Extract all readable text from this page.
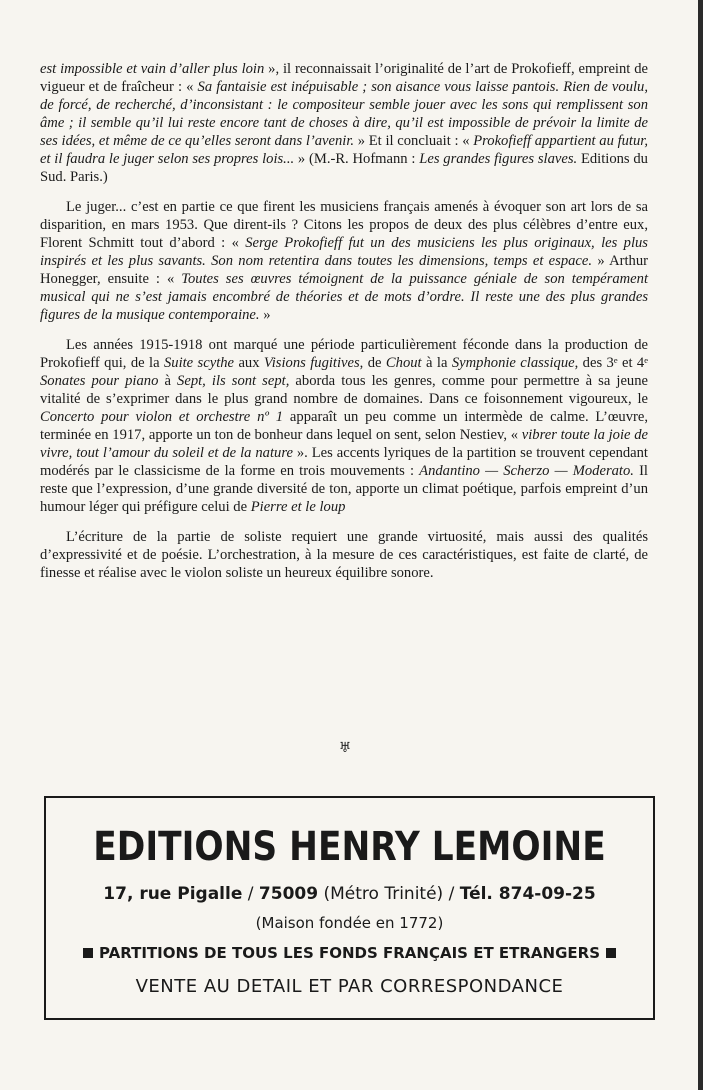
est impossible et vain d’aller plus loin », il reconnaissait l’originalité de l’art de Prokofieff, empreint de vigueur et de fraîcheur : « Sa fantaisie est inépuisable ; son aisance vous laisse pantois. Rien de voulu, de forcé, de recherché, d’inconsistant : le compositeur semble jouer avec les sons qui remplissent son âme ; il semble qu’il lui reste encore tant de choses à dire, qu’il est impossible de prévoir la limite de ses idées, et même de ce qu’elles seront dans l’avenir. » Et il concluait : « Prokofieff appartient au futur, et il faudra le juger selon ses propres lois... » (M.-R. Hofmann : Les grandes figures slaves. Editions du Sud. Paris.)

Le juger... c’est en partie ce que firent les musiciens français amenés à évoquer son art lors de sa disparition, en mars 1953. Que dirent-ils ? Citons les propos de deux des plus célèbres d’entre eux, Florent Schmitt tout d’abord : « Serge Prokofieff fut un des musiciens les plus originaux, les plus inspirés et les plus savants. Son nom retentira dans toutes les dimensions, temps et espace. » Arthur Honegger, ensuite : « Toutes ses œuvres témoignent de la puissance géniale de son tempérament musical qui ne s’est jamais encombré de théories et de mots d’ordre. Il reste une des plus grandes figures de la musique contemporaine. »

Les années 1915-1918 ont marqué une période particulièrement féconde dans la production de Prokofieff qui, de la Suite scythe aux Visions fugitives, de Chout à la Symphonie classique, des 3ᵉ et 4ᵉ Sonates pour piano à Sept, ils sont sept, aborda tous les genres, comme pour permettre à sa jeune vitalité de s’exprimer dans le plus grand nombre de domaines. Dans ce foisonnement vigoureux, le Concerto pour violon et orchestre nº 1 apparaît un peu comme un intermède de calme. L’œuvre, terminée en 1917, apporte un ton de bonheur dans lequel on sent, selon Nestiev, « vibrer toute la joie de vivre, tout l’amour du soleil et de la nature ». Les accents lyriques de la partition se trouvent cependant modérés par le classicisme de la forme en trois mouvements : Andantino — Scherzo — Moderato. Il reste que l’expression, d’une grande diversité de ton, apporte un climat poétique, parfois empreint d’un humour léger qui préfigure celui de Pierre et le loup

L’écriture de la partie de soliste requiert une grande virtuosité, mais aussi des qualités d’expressivité et de poésie. L’orchestration, à la mesure de ces caractéristiques, est faite de clarté, de finesse et réalise avec le violon soliste un heureux équilibre sonore.

♅
EDITIONS HENRY LEMOINE
17, rue Pigalle / 75009 (Métro Trinité) / Tél. 874-09-25
(Maison fondée en 1772)
PARTITIONS DE TOUS LES FONDS FRANÇAIS ET ETRANGERS
VENTE AU DETAIL ET PAR CORRESPONDANCE
